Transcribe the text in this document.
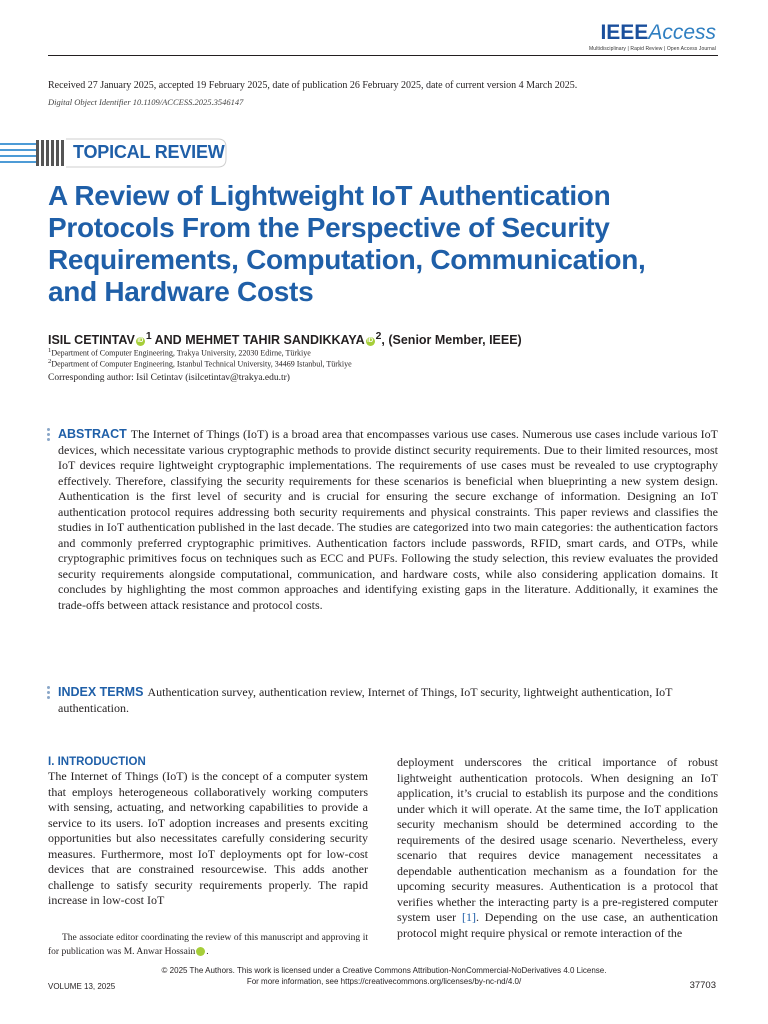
IEEEAccess
Multidisciplinary | Rapid Review | Open Access Journal
Received 27 January 2025, accepted 19 February 2025, date of publication 26 February 2025, date of current version 4 March 2025.
Digital Object Identifier 10.1109/ACCESS.2025.3546147
TOPICAL REVIEW
A Review of Lightweight IoT Authentication Protocols From the Perspective of Security Requirements, Computation, Communication, and Hardware Costs
ISIL CETINTAV iD $^1$ AND MEHMET TAHIR SANDIKKAYA iD $^2$, (Senior Member, IEEE)
$^1$Department of Computer Engineering, Trakya University, 22030 Edirne, Türkiye
$^2$Department of Computer Engineering, Istanbul Technical University, 34469 Istanbul, Türkiye
Corresponding author: Isil Cetintav (isilcetintav@trakya.edu.tr)
ABSTRACT The Internet of Things (IoT) is a broad area that encompasses various use cases. Numerous use cases include various IoT devices, which necessitate various cryptographic methods to provide distinct security requirements. Due to their limited resources, most IoT devices require lightweight cryptographic implementations. The requirements of use cases must be revealed to use cryptography effectively. Therefore, classifying the security requirements for these scenarios is beneficial when blueprinting a new system design. Authentication is the first level of security and is crucial for ensuring the secure exchange of information. Designing an IoT authentication protocol requires addressing both security requirements and physical constraints. This paper reviews and classifies the studies in IoT authentication published in the last decade. The studies are categorized into two main categories: the authentication factors and commonly preferred cryptographic primitives. Authentication factors include passwords, RFID, smart cards, and OTPs, while cryptographic primitives focus on techniques such as ECC and PUFs. Following the study selection, this review evaluates the provided security requirements alongside computational, communication, and hardware costs, while also considering application domains. It concludes by highlighting the most common approaches and identifying existing gaps in the literature. Additionally, it examines the trade-offs between attack resistance and protocol costs.
INDEX TERMS Authentication survey, authentication review, Internet of Things, IoT security, lightweight authentication, IoT authentication.
I. INTRODUCTION
The Internet of Things (IoT) is the concept of a computer system that employs heterogeneous collaboratively working computers with sensing, actuating, and networking capabilities to provide a service to its users. IoT adoption increases and presents exciting opportunities but also necessitates carefully considering security measures. Furthermore, most IoT deployments opt for low-cost devices that are constrained resourcewise. This adds another challenge to satisfy security requirements properly. The rapid increase in low-cost IoT
deployment underscores the critical importance of robust lightweight authentication protocols. When designing an IoT application, it’s crucial to establish its purpose and the conditions under which it will operate. At the same time, the IoT application security mechanism should be determined according to the requirements of the desired usage scenario. Nevertheless, every scenario that requires device management necessitates a dependable authentication mechanism as a foundation for the upcoming security measures. Authentication is a protocol that verifies whether the interacting party is a pre-registered computer system user [1]. Depending on the use case, an authentication protocol might require physical or remote interaction of the
The associate editor coordinating the review of this manuscript and approving it for publication was M. Anwar Hossain	iD.
© 2025 The Authors. This work is licensed under a Creative Commons Attribution-NonCommercial-NoDerivatives 4.0 License.
For more information, see https://creativecommons.org/licenses/by-nc-nd/4.0/
VOLUME 13, 2025	37703
